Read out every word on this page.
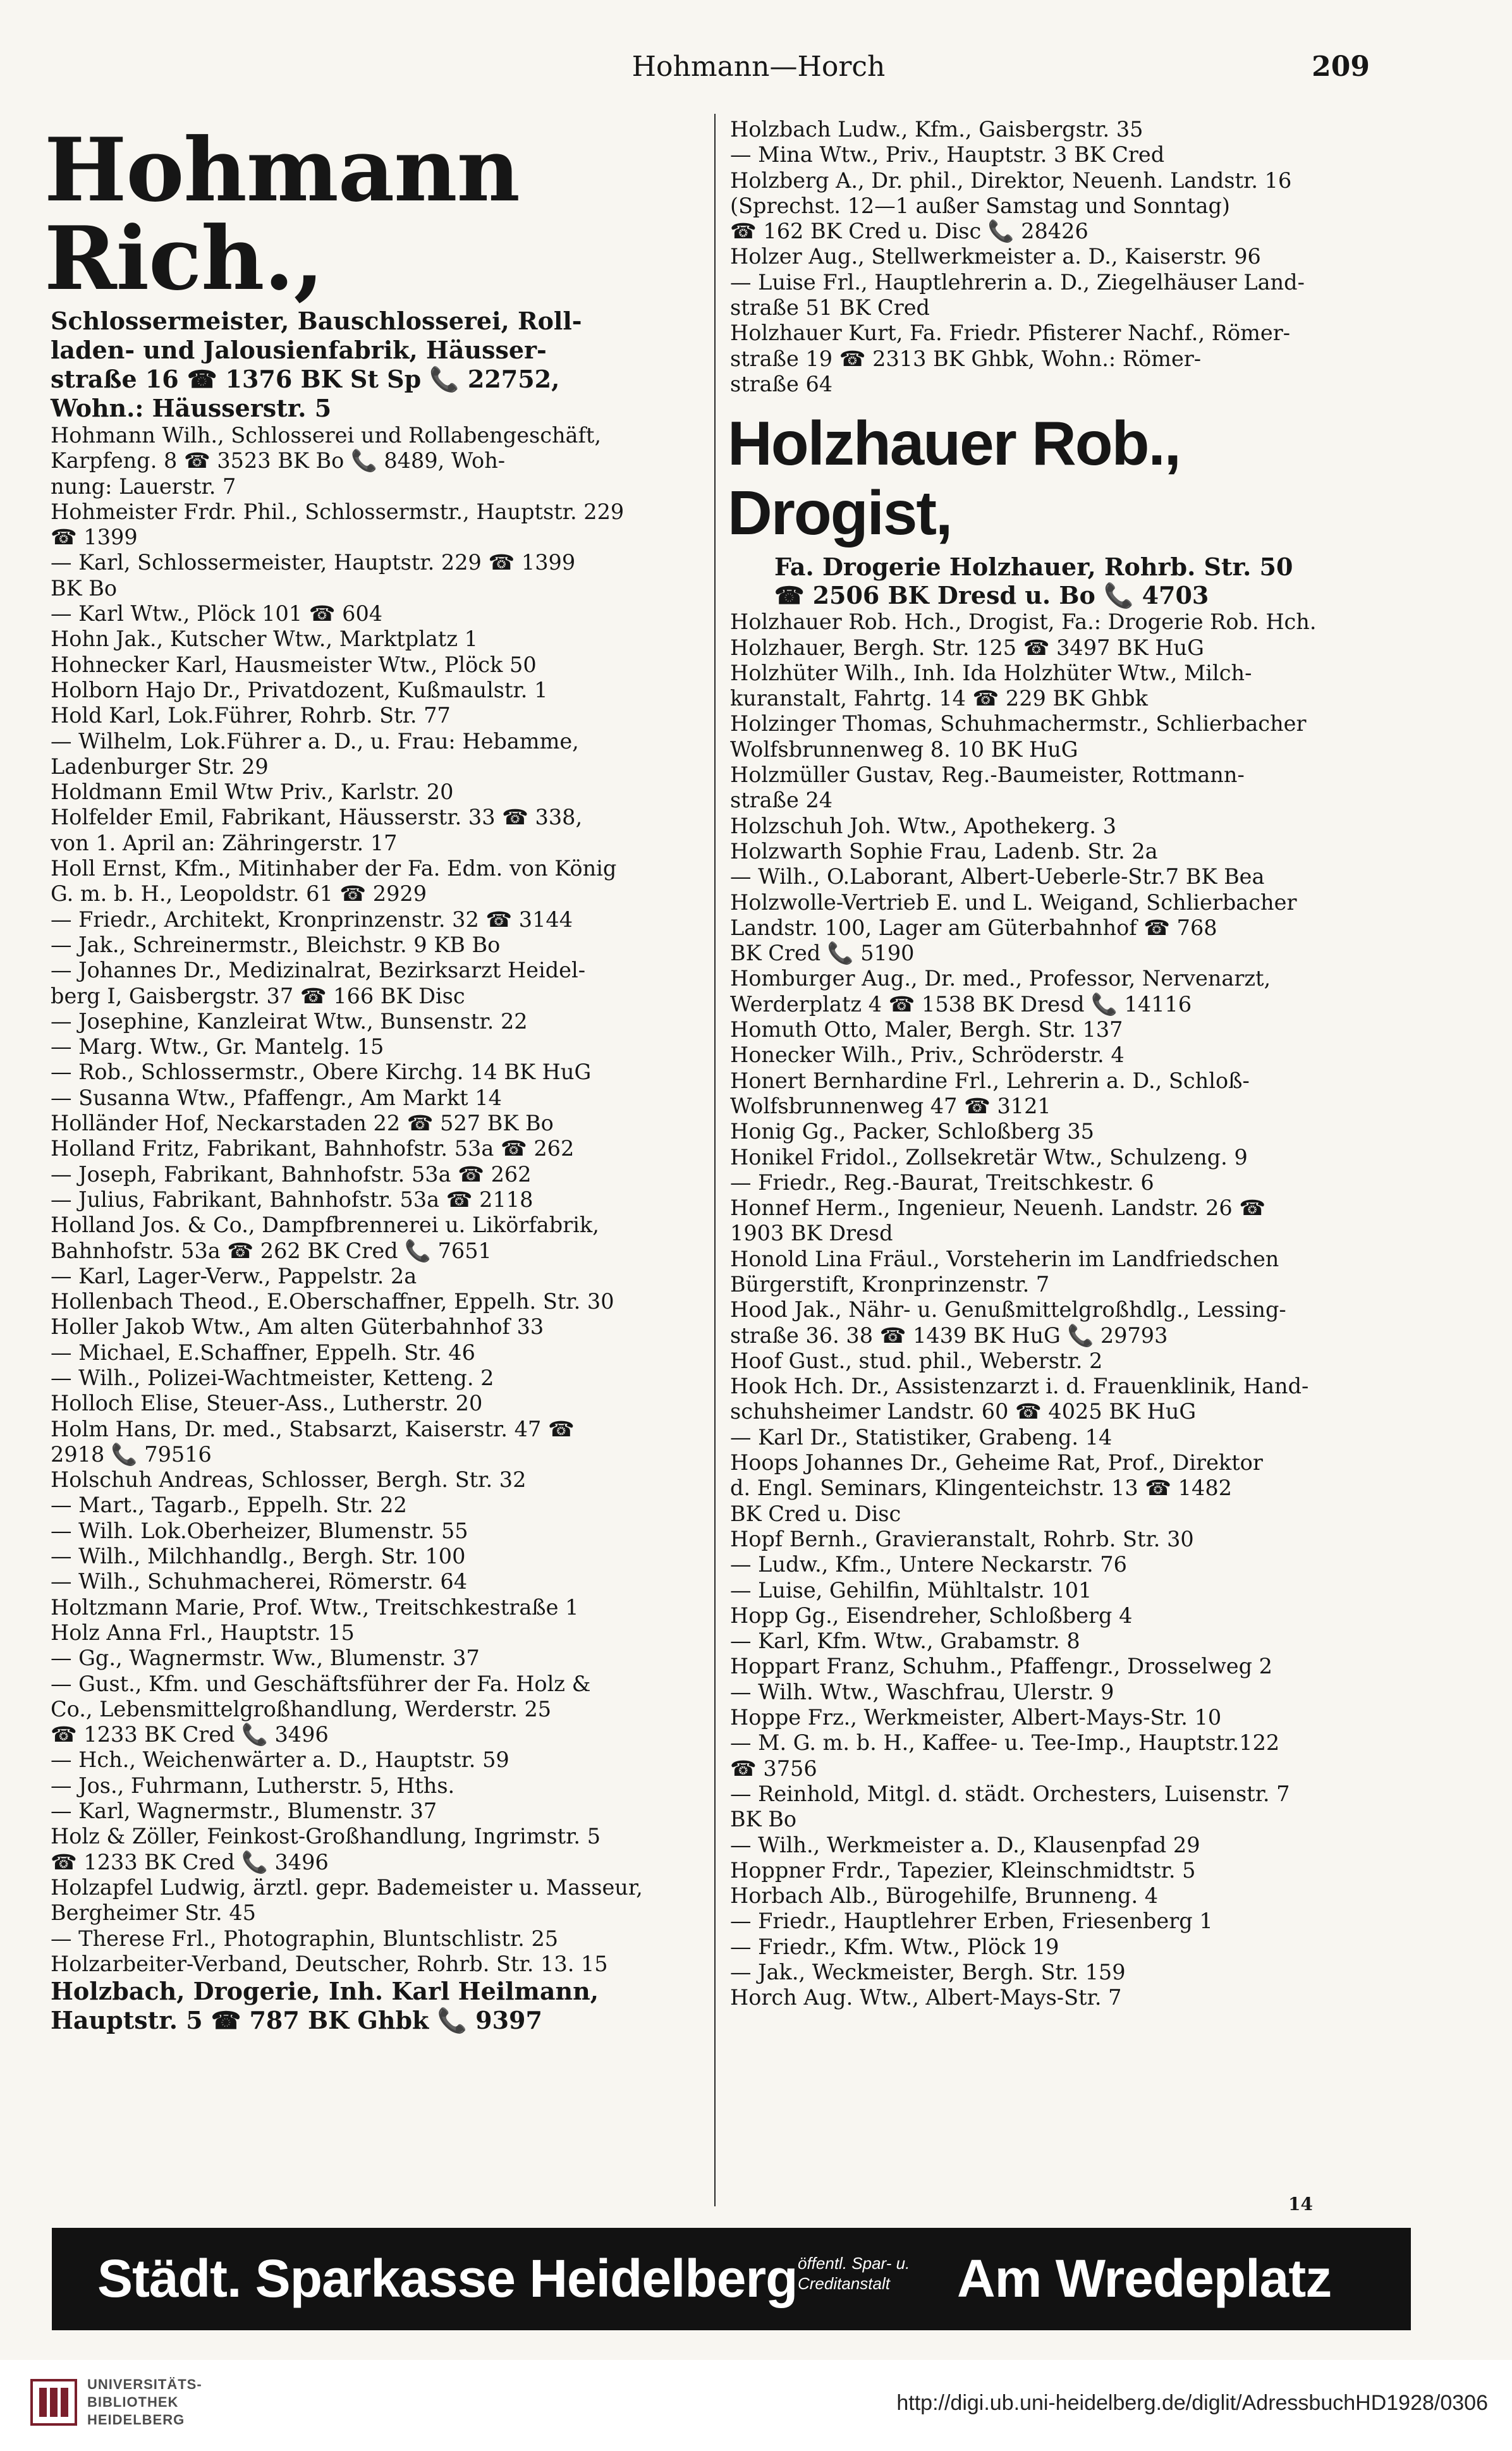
Hohmann—Horch	209
Hohmann Rich.,
Schlossermeister, Bauschlosserei, Roll-
laden- und Jalousienfabrik, Häusser-
straße 16 ☎ 1376 BK St Sp 📞 22752,
Wohn.: Häusserstr. 5
Hohmann Wilh., Schlosserei und Rollabengeschäft,
Karpfeng. 8 ☎ 3523 BK Bo 📞 8489, Woh-
nung: Lauerstr. 7
Hohmeister Frdr. Phil., Schlossermstr., Hauptstr. 229
☎ 1399
— Karl, Schlossermeister, Hauptstr. 229 ☎ 1399
BK Bo
— Karl Wtw., Plöck 101 ☎ 604
Hohn Jak., Kutscher Wtw., Marktplatz 1
Hohnecker Karl, Hausmeister Wtw., Plöck 50
Holborn Hajo Dr., Privatdozent, Kußmaulstr. 1
Hold Karl, Lok.Führer, Rohrb. Str. 77
— Wilhelm, Lok.Führer a. D., u. Frau: Hebamme,
Ladenburger Str. 29
Holdmann Emil Wtw Priv., Karlstr. 20
Holfelder Emil, Fabrikant, Häusserstr. 33 ☎ 338,
von 1. April an: Zähringerstr. 17
Holl Ernst, Kfm., Mitinhaber der Fa. Edm. von König
G. m. b. H., Leopoldstr. 61 ☎ 2929
— Friedr., Architekt, Kronprinzenstr. 32 ☎ 3144
— Jak., Schreinermstr., Bleichstr. 9 KB Bo
— Johannes Dr., Medizinalrat, Bezirksarzt Heidel-
berg I, Gaisbergstr. 37 ☎ 166 BK Disc
— Josephine, Kanzleirat Wtw., Bunsenstr. 22
— Marg. Wtw., Gr. Mantelg. 15
— Rob., Schlossermstr., Obere Kirchg. 14 BK HuG
— Susanna Wtw., Pfaffengr., Am Markt 14
Holländer Hof, Neckarstaden 22 ☎ 527 BK Bo
Holland Fritz, Fabrikant, Bahnhofstr. 53a ☎ 262
— Joseph, Fabrikant, Bahnhofstr. 53a ☎ 262
— Julius, Fabrikant, Bahnhofstr. 53a ☎ 2118
Holland Jos. & Co., Dampfbrennerei u. Likörfabrik,
Bahnhofstr. 53a ☎ 262 BK Cred 📞 7651
— Karl, Lager-Verw., Pappelstr. 2a
Hollenbach Theod., E.Oberschaffner, Eppelh. Str. 30
Holler Jakob Wtw., Am alten Güterbahnhof 33
— Michael, E.Schaffner, Eppelh. Str. 46
— Wilh., Polizei-Wachtmeister, Ketteng. 2
Holloch Elise, Steuer-Ass., Lutherstr. 20
Holm Hans, Dr. med., Stabsarzt, Kaiserstr. 47 ☎
2918 📞 79516
Holschuh Andreas, Schlosser, Bergh. Str. 32
— Mart., Tagarb., Eppelh. Str. 22
— Wilh. Lok.Oberheizer, Blumenstr. 55
— Wilh., Milchhandlg., Bergh. Str. 100
— Wilh., Schuhmacherei, Römerstr. 64
Holtzmann Marie, Prof. Wtw., Treitschkestraße 1
Holz Anna Frl., Hauptstr. 15
— Gg., Wagnermstr. Ww., Blumenstr. 37
— Gust., Kfm. und Geschäftsführer der Fa. Holz &
Co., Lebensmittelgroßhandlung, Werderstr. 25
☎ 1233 BK Cred 📞 3496
— Hch., Weichenwärter a. D., Hauptstr. 59
— Jos., Fuhrmann, Lutherstr. 5, Hths.
— Karl, Wagnermstr., Blumenstr. 37
Holz & Zöller, Feinkost-Großhandlung, Ingrimstr. 5
☎ 1233 BK Cred 📞 3496
Holzapfel Ludwig, ärztl. gepr. Bademeister u. Masseur,
Bergheimer Str. 45
— Therese Frl., Photographin, Bluntschlistr. 25
Holzarbeiter-Verband, Deutscher, Rohrb. Str. 13. 15
Holzbach, Drogerie, Inh. Karl Heilmann,
Hauptstr. 5 ☎ 787 BK Ghbk 📞 9397
Holzbach Ludw., Kfm., Gaisbergstr. 35
— Mina Wtw., Priv., Hauptstr. 3 BK Cred
Holzberg A., Dr. phil., Direktor, Neuenh. Landstr. 16
(Sprechst. 12—1 außer Samstag und Sonntag)
☎ 162 BK Cred u. Disc 📞 28426
Holzer Aug., Stellwerkmeister a. D., Kaiserstr. 96
— Luise Frl., Hauptlehrerin a. D., Ziegelhäuser Land-
straße 51 BK Cred
Holzhauer Kurt, Fa. Friedr. Pfisterer Nachf., Römer-
straße 19 ☎ 2313 BK Ghbk, Wohn.: Römer-
straße 64
Holzhauer Rob., Drogist,
Fa. Drogerie Holzhauer, Rohrb. Str. 50
☎ 2506 BK Dresd u. Bo 📞 4703
Holzhauer Rob. Hch., Drogist, Fa.: Drogerie Rob. Hch.
Holzhauer, Bergh. Str. 125 ☎ 3497 BK HuG
Holzhüter Wilh., Inh. Ida Holzhüter Wtw., Milch-
kuranstalt, Fahrtg. 14 ☎ 229 BK Ghbk
Holzinger Thomas, Schuhmachermstr., Schlierbacher
Wolfsbrunnenweg 8. 10 BK HuG
Holzmüller Gustav, Reg.-Baumeister, Rottmann-
straße 24
Holzschuh Joh. Wtw., Apothekerg. 3
Holzwarth Sophie Frau, Ladenb. Str. 2a
— Wilh., O.Laborant, Albert-Ueberle-Str.7 BK Bea
Holzwolle-Vertrieb E. und L. Weigand, Schlierbacher
Landstr. 100, Lager am Güterbahnhof ☎ 768
BK Cred 📞 5190
Homburger Aug., Dr. med., Professor, Nervenarzt,
Werderplatz 4 ☎ 1538 BK Dresd 📞 14116
Homuth Otto, Maler, Bergh. Str. 137
Honecker Wilh., Priv., Schröderstr. 4
Honert Bernhardine Frl., Lehrerin a. D., Schloß-
Wolfsbrunnenweg 47 ☎ 3121
Honig Gg., Packer, Schloßberg 35
Honikel Fridol., Zollsekretär Wtw., Schulzeng. 9
— Friedr., Reg.-Baurat, Treitschkestr. 6
Honnef Herm., Ingenieur, Neuenh. Landstr. 26 ☎
1903 BK Dresd
Honold Lina Fräul., Vorsteherin im Landfriedschen
Bürgerstift, Kronprinzenstr. 7
Hood Jak., Nähr- u. Genußmittelgroßhdlg., Lessing-
straße 36. 38 ☎ 1439 BK HuG 📞 29793
Hoof Gust., stud. phil., Weberstr. 2
Hook Hch. Dr., Assistenzarzt i. d. Frauenklinik, Hand-
schuhsheimer Landstr. 60 ☎ 4025 BK HuG
— Karl Dr., Statistiker, Grabeng. 14
Hoops Johannes Dr., Geheime Rat, Prof., Direktor
d. Engl. Seminars, Klingenteichstr. 13 ☎ 1482
BK Cred u. Disc
Hopf Bernh., Gravieranstalt, Rohrb. Str. 30
— Ludw., Kfm., Untere Neckarstr. 76
— Luise, Gehilfin, Mühltalstr. 101
Hopp Gg., Eisendreher, Schloßberg 4
— Karl, Kfm. Wtw., Grabamstr. 8
Hoppart Franz, Schuhm., Pfaffengr., Drosselweg 2
— Wilh. Wtw., Waschfrau, Ulerstr. 9
Hoppe Frz., Werkmeister, Albert-Mays-Str. 10
— M. G. m. b. H., Kaffee- u. Tee-Imp., Hauptstr.122
☎ 3756
— Reinhold, Mitgl. d. städt. Orchesters, Luisenstr. 7
BK Bo
— Wilh., Werkmeister a. D., Klausenpfad 29
Hoppner Frdr., Tapezier, Kleinschmidtstr. 5
Horbach Alb., Bürogehilfe, Brunneng. 4
— Friedr., Hauptlehrer Erben, Friesenberg 1
— Friedr., Kfm. Wtw., Plöck 19
— Jak., Weckmeister, Bergh. Str. 159
Horch Aug. Wtw., Albert-Mays-Str. 7
14
Städt. Sparkasse Heidelberg öffentl. Spar- u. Creditanstalt	Am Wredeplatz
UNIVERSITÄTS-
BIBLIOTHEK
HEIDELBERG
http://digi.ub.uni-heidelberg.de/diglit/AdressbuchHD1928/0306
